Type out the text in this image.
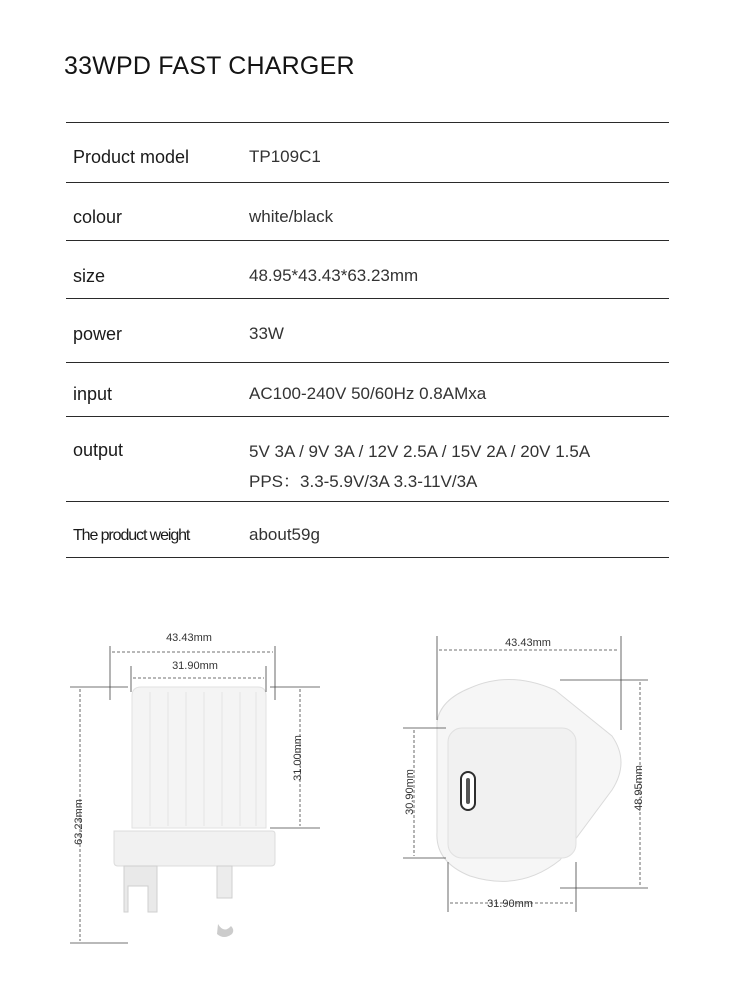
33WPD FAST CHARGER
Product model	TP109C1
colour	white/black
size	48.95*43.43*63.23mm
power	33W
input	AC100-240V 50/60Hz 0.8AMxa
output	5V 3A / 9V 3A / 12V 2.5A / 15V 2A / 20V 1.5A
PPS：3.3-5.9V/3A 3.3-11V/3A
The product weight	about59g
43.43mm
31.90mm
31.00mm
63.23mm
43.43mm
30.90mm	48.95mm
31.90mm
